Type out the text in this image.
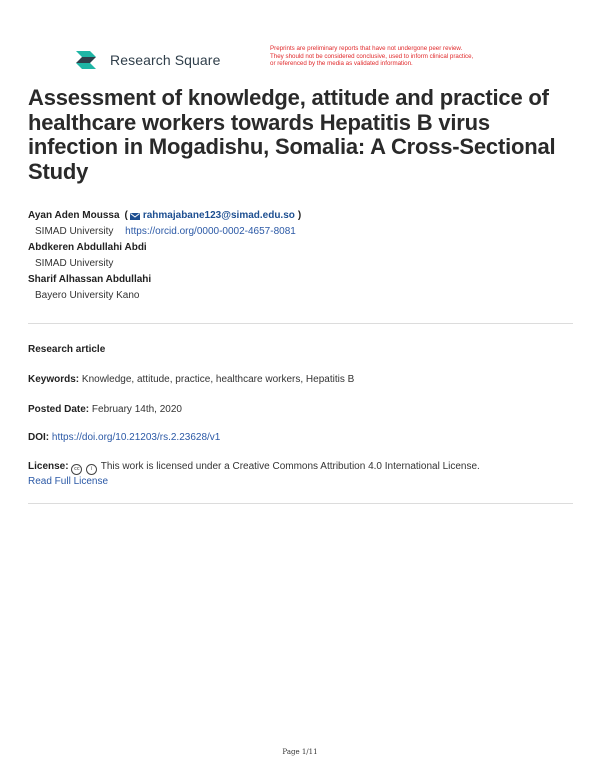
Research Square
Preprints are preliminary reports that have not undergone peer review.
They should not be considered conclusive, used to inform clinical practice,
or referenced by the media as validated information.
Assessment of knowledge, attitude and practice of healthcare workers towards Hepatitis B virus infection in Mogadishu, Somalia: A Cross-Sectional Study
Ayan Aden Moussa ( rahmajabane123@simad.edu.so )
SIMAD University https://orcid.org/0000-0002-4657-8081
Abdkeren Abdullahi Abdi
SIMAD University
Sharif Alhassan Abdullahi
Bayero University Kano
Research article
Keywords: Knowledge, attitude, practice, healthcare workers, Hepatitis B
Posted Date: February 14th, 2020
DOI: https://doi.org/10.21203/rs.2.23628/v1
License: cc i This work is licensed under a Creative Commons Attribution 4.0 International License.
Read Full License
Page 1/11
